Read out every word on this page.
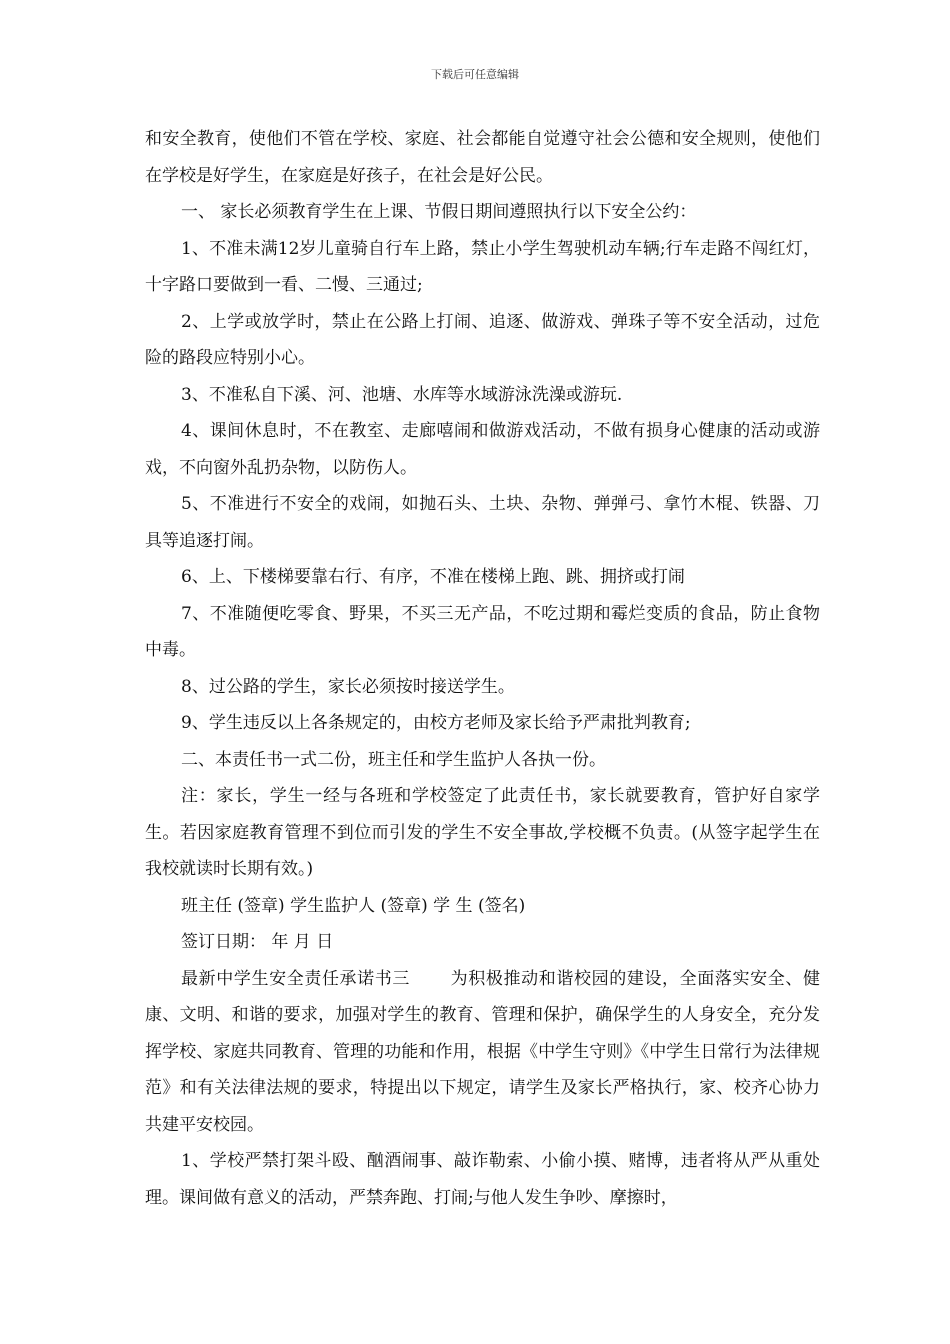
下载后可任意编辑

和安全教育，使他们不管在学校、家庭、社会都能自觉遵守社会公德和安全规则，使他们在学校是好学生，在家庭是好孩子，在社会是好公民。

一、 家长必须教育学生在上课、节假日期间遵照执行以下安全公约：

1、不准未满12岁儿童骑自行车上路，禁止小学生驾驶机动车辆;行车走路不闯红灯，十字路口要做到一看、二慢、三通过;

2、上学或放学时，禁止在公路上打闹、追逐、做游戏、弹珠子等不安全活动，过危险的路段应特别小心。

3、不准私自下溪、河、池塘、水库等水域游泳洗澡或游玩.

4、课间休息时，不在教室、走廊嘻闹和做游戏活动，不做有损身心健康的活动或游戏，不向窗外乱扔杂物，以防伤人。

5、不准进行不安全的戏闹，如抛石头、土块、杂物、弹弹弓、拿竹木棍、铁器、刀具等追逐打闹。

6、上、下楼梯要靠右行、有序，不准在楼梯上跑、跳、拥挤或打闹

7、不准随便吃零食、野果，不买三无产品，不吃过期和霉烂变质的食品，防止食物中毒。

8、过公路的学生，家长必须按时接送学生。

9、学生违反以上各条规定的，由校方老师及家长给予严肃批判教育;

二、本责任书一式二份，班主任和学生监护人各执一份。

注：家长，学生一经与各班和学校签定了此责任书，家长就要教育，管护好自家学生。若因家庭教育管理不到位而引发的学生不安全事故,学校概不负责。(从签字起学生在我校就读时长期有效。)

班主任 (签章) 学生监护人 (签章) 学 生 (签名)

签订日期： 年 月 日

最新中学生安全责任承诺书三 为积极推动和谐校园的建设，全面落实安全、健康、文明、和谐的要求，加强对学生的教育、管理和保护，确保学生的人身安全，充分发挥学校、家庭共同教育、管理的功能和作用，根据《中学生守则》《中学生日常行为法律规范》和有关法律法规的要求，特提出以下规定，请学生及家长严格执行，家、校齐心协力共建平安校园。

1、学校严禁打架斗殴、酗酒闹事、敲诈勒索、小偷小摸、赌博，违者将从严从重处理。课间做有意义的活动，严禁奔跑、打闹;与他人发生争吵、摩擦时，
